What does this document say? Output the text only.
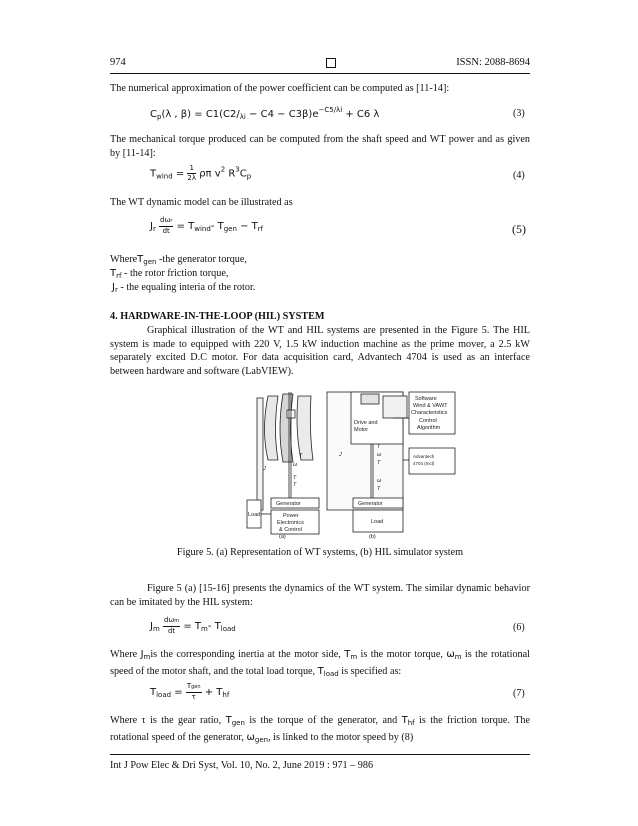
974	ISSN: 2088-8694
The numerical approximation of the power coefficient can be computed as [11-14]:
$C_p(\lambda$ , $\beta) = C1(C2/_{\lambda i} - C4 - C3\beta)e^{-C5/\lambda i} + C6$ λ	(3)
The mechanical torque produced can be computed from the shaft speed and WT power and as given by [11-14]:
$T_{wind} = \frac{1}{2\lambda}$ ρπ $v^2$ $R^3C_p$	(4)
The WT dynamic model can be illustrated as
$J_r \frac{\text{dωr}}{dt} = T_{wind}-$ $T_{gen} - T_{rf}$	(5)
WhereT$_{gen}$ -the generator torque,
$T_{rf}$ - the rotor friction torque,
$J_r$ - the equaling interia of the rotor.
4. HARDWARE-IN-THE-LOOP (HIL) SYSTEM
Graphical illustration of the WT and HIL systems are presented in the Figure 5. The HIL system is made to equipped with 220 V, 1.5 kW induction machine as the prime mover, a 2.5 kW separately excited D.C motor. For data acquisition card, Advantech 4704 is used as an interface between hardware and software (LabVIEW).
Generator
Power
Electronics
& Control
Load
(a)
T
ω
T
T
J
Software
Wind & VAWT
Characteristics
Control
Algorithm
Drive and
Motor
Advantech
4704 (Incl)
Generator
Load
(b)
J
T
ω
T
ω
T
Figure 5. (a) Representation of WT systems, (b) HIL simulator system
Figure 5 (a) [15-16] presents the dynamics of the WT system. The similar dynamic behavior can be imitated by the HIL system:
$J_m \frac{\text{dωm}}{dt} = T_m-$ $T_{load}$	(6)
Where $J_mis$ the corresponding inertia at the motor side, $T_m$ is the motor torque, $\omega_m$ is the rotational speed of the motor shaft, and the total load torque, $T_{load}$ is specified as:
$T_{load} = \frac{\text{Tgen}}{\tau} + T_{hf}$	(7)
Where τ is the gear ratio, $T_{gen}$ is the torque of the generator, and $T_{hf}$ is the friction torque. The rotational speed of the generator, $\omega_{gen}$, is linked to the motor speed by (8)
Int J Pow Elec & Dri Syst, Vol. 10, No. 2, June 2019 : 971 – 986
